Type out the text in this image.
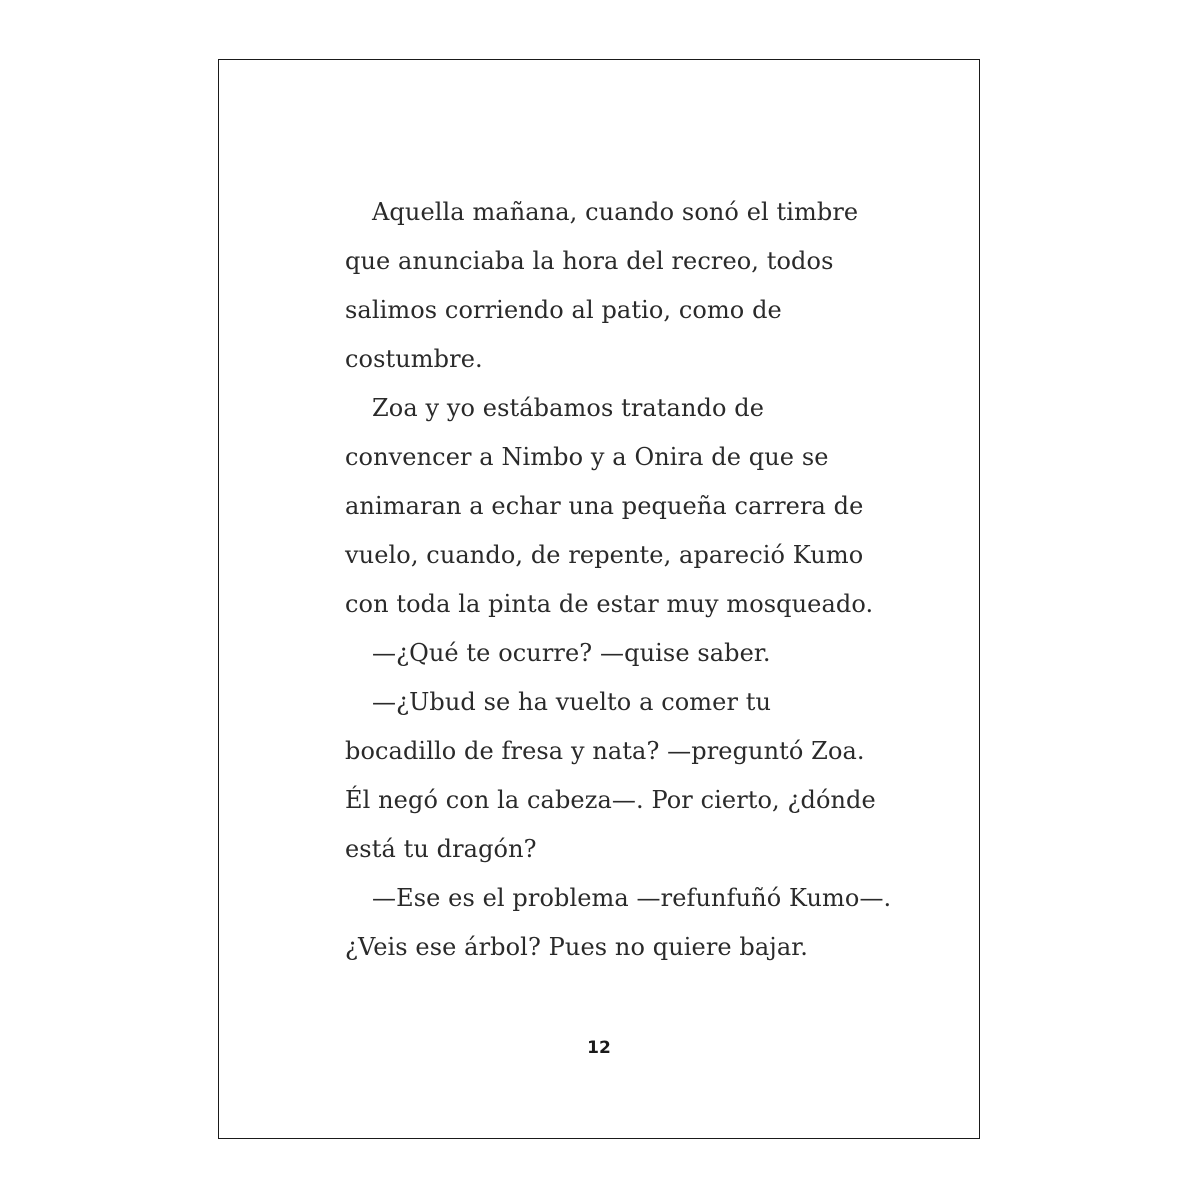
Aquella mañana, cuando sonó el timbre
que anunciaba la hora del recreo, todos
salimos corriendo al patio, como de
costumbre.
Zoa y yo estábamos tratando de
convencer a Nimbo y a Onira de que se
animaran a echar una pequeña carrera de
vuelo, cuando, de repente, apareció Kumo
con toda la pinta de estar muy mosqueado.
—¿Qué te ocurre? —quise saber.
—¿Ubud se ha vuelto a comer tu
bocadillo de fresa y nata? —preguntó Zoa.
Él negó con la cabeza—. Por cierto, ¿dónde
está tu dragón?
—Ese es el problema —refunfuñó Kumo—.
¿Veis ese árbol? Pues no quiere bajar.
12
